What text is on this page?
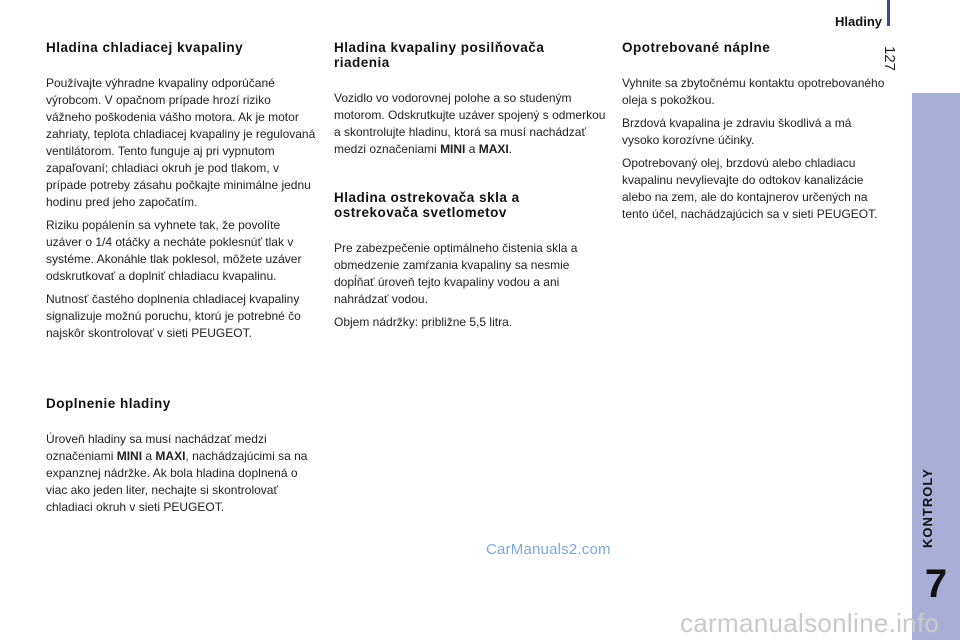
Hladiny
127
KONTROLY
7
Hladina chladiacej kvapaliny

Používajte výhradne kvapaliny odporúčané výrobcom. V opačnom prípade hrozí riziko vážneho poškodenia vášho motora. Ak je motor zahriaty, teplota chladiacej kvapaliny je regulovaná ventilátorom. Tento funguje aj pri vypnutom zapaľovaní; chladiaci okruh je pod tlakom, v prípade potreby zásahu počkajte minimálne jednu hodinu pred jeho započatím.

Riziku popálenín sa vyhnete tak, že povolíte uzáver o 1/4 otáčky a necháte poklesnúť tlak v systéme. Akonáhle tlak poklesol, môžete uzáver odskrutkovať a doplniť chladiacu kvapalinu.

Nutnosť častého doplnenia chladiacej kvapaliny signalizuje možnú poruchu, ktorú je potrebné čo najskôr skontrolovať v sieti PEUGEOT.

Doplnenie hladiny

Úroveň hladiny sa musí nachádzať medzi označeniami MINI a MAXI, nachádzajúcimi sa na expanznej nádržke. Ak bola hladina doplnená o viac ako jeden liter, nechajte si skontrolovať chladiaci okruh v sieti PEUGEOT.

Hladina kvapaliny posilňovača
riadenia

Vozidlo vo vodorovnej polohe a so studeným motorom. Odskrutkujte uzáver spojený s odmerkou a skontrolujte hladinu, ktorá sa musí nachádzať medzi označeniami MINI a MAXI.

Hladina ostrekovača skla a
ostrekovača svetlometov

Pre zabezpečenie optimálneho čistenia skla a obmedzenie zamŕzania kvapaliny sa nesmie dopĺňať úroveň tejto kvapaliny vodou a ani nahrádzať vodou.

Objem nádržky: približne 5,5 litra.

Opotrebované náplne

Vyhnite sa zbytočnému kontaktu opotrebovaného oleja s pokožkou.

Brzdová kvapalina je zdraviu škodlivá a má vysoko korozívne účinky.

Opotrebovaný olej, brzdovú alebo chladiacu kvapalinu nevylievajte do odtokov kanalizácie alebo na zem, ale do kontajnerov určených na tento účel, nachádzajúcich sa v sieti PEUGEOT.

CarManuals2.com
carmanualsonline.info
